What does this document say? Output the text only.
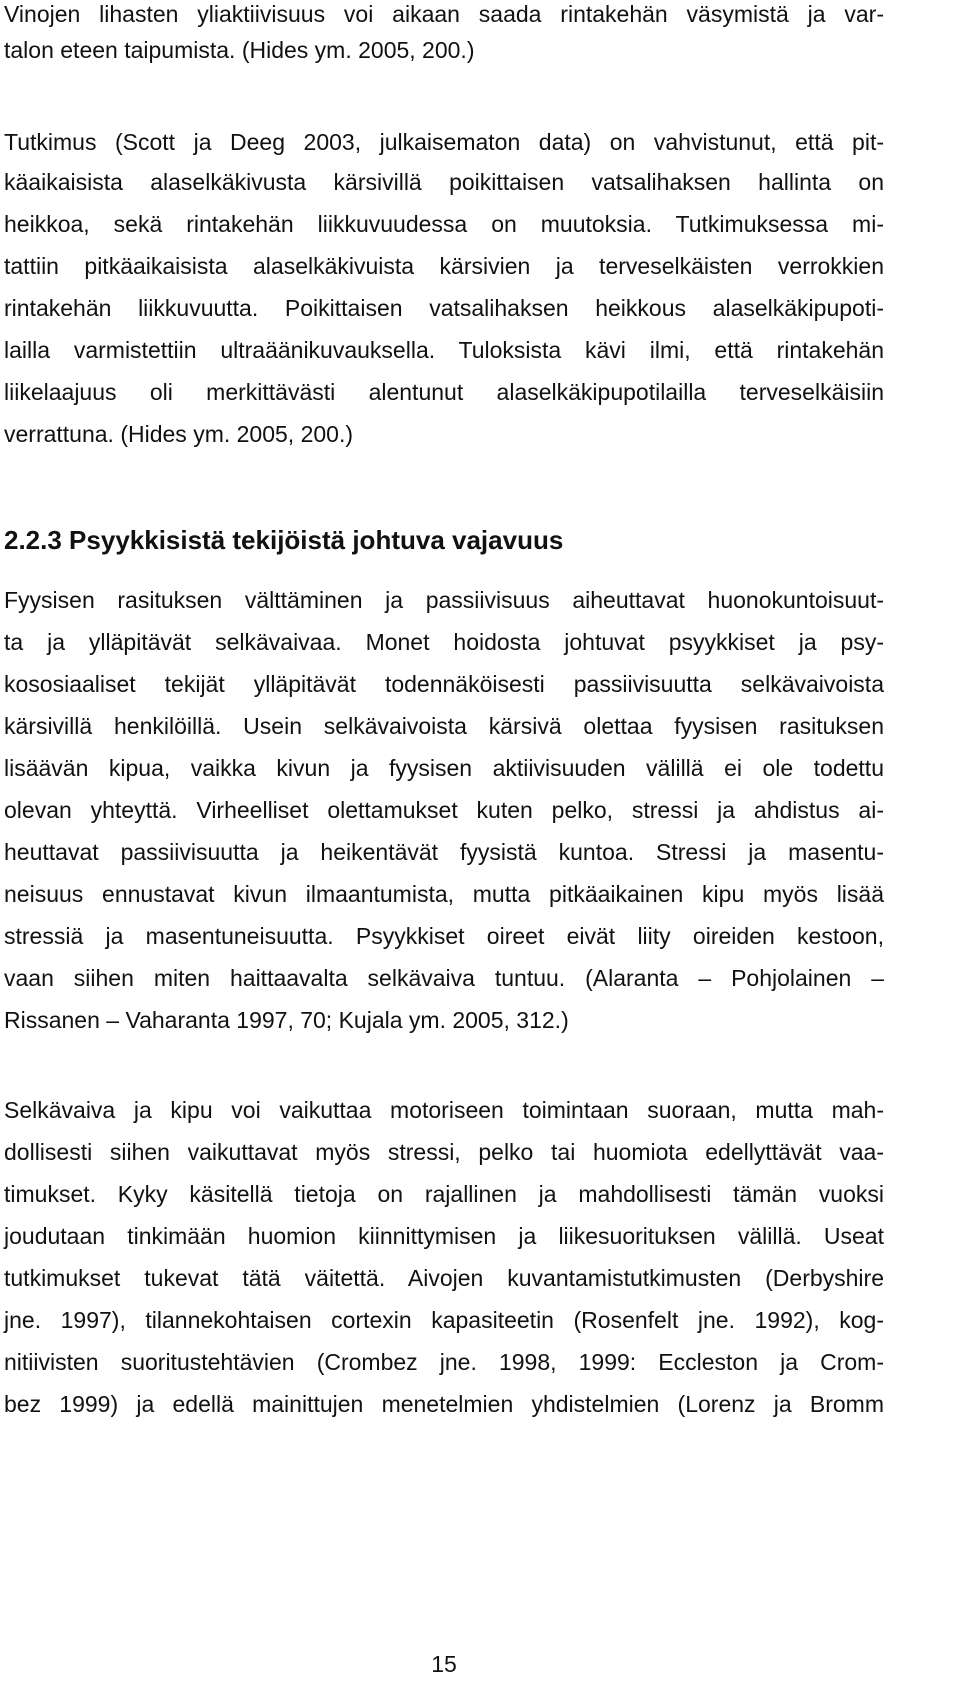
Vinojen lihasten yliaktiivisuus voi aikaan saada rintakehän väsymistä ja var-
talon eteen taipumista. (Hides ym. 2005, 200.)
Tutkimus (Scott ja Deeg 2003, julkaisematon data) on vahvistunut, että pit-
käaikaisista alaselkäkivusta kärsivillä poikittaisen vatsalihaksen hallinta on
heikkoa, sekä rintakehän liikkuvuudessa on muutoksia. Tutkimuksessa mi-
tattiin pitkäaikaisista alaselkäkivuista kärsivien ja terveselkäisten verrokkien
rintakehän liikkuvuutta. Poikittaisen vatsalihaksen heikkous alaselkäkipupoti-
lailla varmistettiin ultraäänikuvauksella. Tuloksista kävi ilmi, että rintakehän
liikelaajuus oli merkittävästi alentunut alaselkäkipupotilailla terveselkäisiin
verrattuna. (Hides ym. 2005, 200.)
2.2.3 Psyykkisistä tekijöistä johtuva vajavuus
Fyysisen rasituksen välttäminen ja passiivisuus aiheuttavat huonokuntoisuut-
ta ja ylläpitävät selkävaivaa. Monet hoidosta johtuvat psyykkiset ja psy-
kososiaaliset tekijät ylläpitävät todennäköisesti passiivisuutta selkävaivoista
kärsivillä henkilöillä. Usein selkävaivoista kärsivä olettaa fyysisen rasituksen
lisäävän kipua, vaikka kivun ja fyysisen aktiivisuuden välillä ei ole todettu
olevan yhteyttä. Virheelliset olettamukset kuten pelko, stressi ja ahdistus ai-
heuttavat passiivisuutta ja heikentävät fyysistä kuntoa. Stressi ja masentu-
neisuus ennustavat kivun ilmaantumista, mutta pitkäaikainen kipu myös lisää
stressiä ja masentuneisuutta. Psyykkiset oireet eivät liity oireiden kestoon,
vaan siihen miten haittaavalta selkävaiva tuntuu. (Alaranta – Pohjolainen –
Rissanen – Vaharanta 1997, 70; Kujala ym. 2005, 312.)
Selkävaiva ja kipu voi vaikuttaa motoriseen toimintaan suoraan, mutta mah-
dollisesti siihen vaikuttavat myös stressi, pelko tai huomiota edellyttävät vaa-
timukset. Kyky käsitellä tietoja on rajallinen ja mahdollisesti tämän vuoksi
joudutaan tinkimään huomion kiinnittymisen ja liikesuorituksen välillä. Useat
tutkimukset tukevat tätä väitettä. Aivojen kuvantamistutkimusten (Derbyshire
jne. 1997), tilannekohtaisen cortexin kapasiteetin (Rosenfelt jne. 1992), kog-
nitiivisten suoritustehtävien (Crombez jne. 1998, 1999: Eccleston ja Crom-
bez 1999) ja edellä mainittujen menetelmien yhdistelmien (Lorenz ja Bromm
15
